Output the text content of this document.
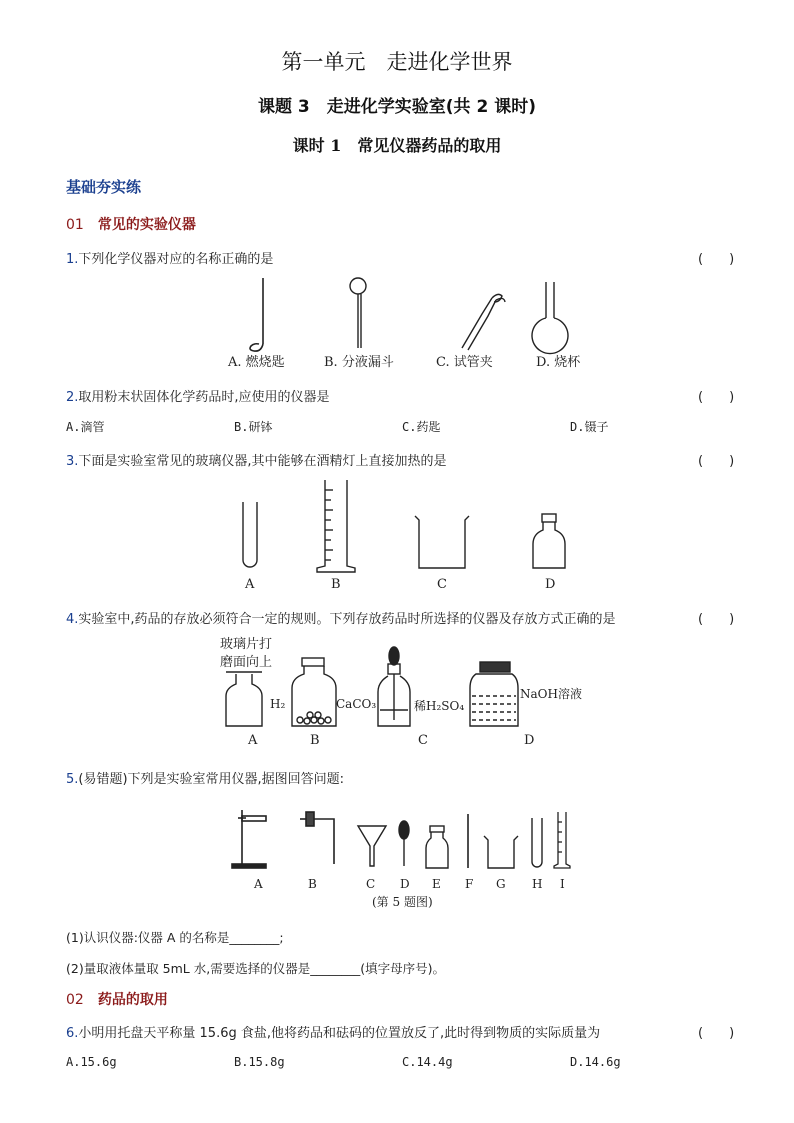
第一单元　走进化学世界
课题 3　走进化学实验室(共 2 课时)
课时 1　常见仪器药品的取用
基础夯实练
01 常见的实验仪器
1.下列化学仪器对应的名称正确的是	(　　)
A. 燃烧匙	B. 分液漏斗	C. 试管夹	D. 烧杯
2.取用粉末状固体化学药品时,应使用的仪器是	(　　)
A.滴管	B.研钵	C.药匙	D.镊子
3.下面是实验室常见的玻璃仪器,其中能够在酒精灯上直接加热的是	(　　)
A	B	C	D
4.实验室中,药品的存放必须符合一定的规则。下列存放药品时所选择的仪器及存放方式正确的是	(　　)
玻璃片打
磨面向上
H₂	CaCO₃	稀H₂SO₄
NaOH溶液
A	B	C	D
5.(易错题)下列是实验室常用仪器,据图回答问题:
A	B	C D E F G H I
(第 5 题图)
(1)认识仪器:仪器 A 的名称是________;
(2)量取液体量取 5mL 水,需要选择的仪器是________(填字母序号)。
02 药品的取用
6.小明用托盘天平称量 15.6g 食盐,他将药品和砝码的位置放反了,此时得到物质的实际质量为	(　　)
A.15.6g	B.15.8g	C.14.4g	D.14.6g
